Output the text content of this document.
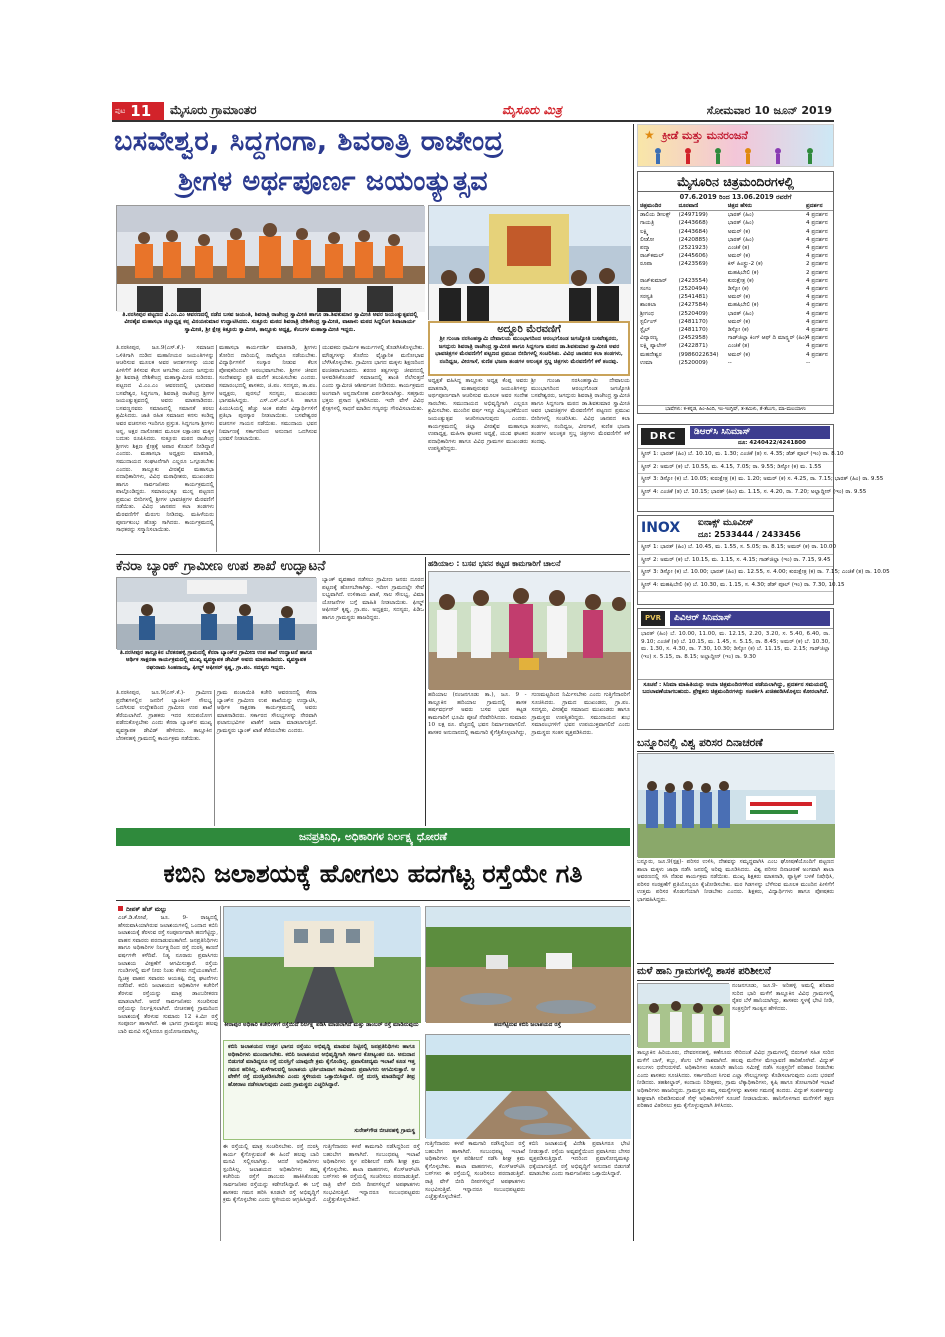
ಪುಟ 11 ಮೈಸೂರು ಗ್ರಾಮಾಂತರ	ಮೈಸೂರು ಮಿತ್ರ	ಸೋಮವಾರ 10 ಜೂನ್ 2019
ಬಸವೇಶ್ವರ, ಸಿದ್ದಗಂಗಾ, ಶಿವರಾತ್ರಿ ರಾಜೇಂದ್ರ
ಶ್ರೀಗಳ ಅರ್ಥಪೂರ್ಣ ಜಯಂತ್ಯುತ್ಸವ
ತಿ.ನರಸೀಪುರ ಪಟ್ಟಣದ ವಿ.ಎಂ.ಎಂ ಆವರಣದಲ್ಲಿ ನಡೆದ ಬಸವ ಜಯಂತಿ, ಶಿವರಾತ್ರಿ ರಾಜೇಂದ್ರ ಸ್ವಾಮೀಜಿ ಹಾಗೂ ಡಾ.ಶಿವಕುಮಾರ ಸ್ವಾಮೀಜಿ ಅವರ ಜಯಂತ್ಯುತ್ಸವದಲ್ಲಿ ವೀರಶೈವ ಮಹಾಸಭಾ ಜಿಲ್ಲಾಧ್ಯಕ್ಷ ಕನ್ನ ವಿನಯಕುಮಾರ ಉದ್ಘಾಟಿಸಿದರು. ಸುತ್ತೂರು ಮಠದ ಶಿವರಾತ್ರಿ ದೇಶಿಕೇಂದ್ರ ಸ್ವಾಮೀಜಿ, ವಾಟಾಳು ಮಠದ ಸಿದ್ದಲಿಂಗ ಶಿವಾಚಾರ್ಯ ಸ್ವಾಮೀಜಿ, ಶ್ರೀ ಕ್ಷೇತ್ರ ಕಿತ್ತೂರು ಸ್ವಾಮೀಜಿ, ತಾಲ್ಲೂಕು ಅಧ್ಯಕ್ಷ, ಕೆಂಬಗಳ ಮಹಾಸ್ವಾಮೀಜಿ ಇದ್ದರು.	ಅದ್ದೂರಿ ಮೆರವಣಿಗೆ
ಶ್ರೀ ಗುಂಜಾ ನರಸಿಂಹಸ್ವಾಮಿ ದೇವಾಲಯ ಮುಂಭಾಗದಿಂದ ಆರಂಭಗೊಂಡ ಜಗಜ್ಯೋತಿ ಬಸವೇಶ್ವರರು, ಜಗದ್ಗುರು ಶಿವರಾತ್ರಿ ರಾಜೇಂದ್ರ ಸ್ವಾಮೀಜಿ ಹಾಗೂ ಸಿದ್ದಗಂಗಾ ಮಠದ ಡಾ.ಶಿವಕುಮಾರ ಸ್ವಾಮೀಜಿ ಅವರ ಭಾವಚಿತ್ರಗಳ ಮೆರವಣಿಗೆಗೆ ಪಟ್ಟಣದ ಪ್ರಮುಖ ಬೀದಿಗಳಲ್ಲಿ ಸಂಚರಿಸಿತು. ವಿವಿಧ ಜಾನಪದ ಕಲಾ ತಂಡಗಳು, ನಂದಿಧ್ವಜ, ವೀರಗಾಸೆ, ಕುಣಿತ ಭಜನಾ ತಂಡಗಳ ಅಲಂಕೃತ ಸ್ತಬ್ದ ಚಿತ್ರಗಳು ಮೆರವಣಿಗೆಗೆ ಕಳೆ ತಂದವು.
ತಿ.ನರಸೀಪುರ, ಜೂ.9(ಎಸ್.ಕೆ.)- ಸಮಾಜದ ಒಳಿತಿಗಾಗಿ ದುಡಿದ ಮಹಾನೀಯರ ಜಯಂತಿಗಳನ್ನು ಆಚರಿಸುವ ಮೂಲಕ ಅವರ ಆದರ್ಶಗಳನ್ನು ಯುವ ಪೀಳಿಗೆಗೆ ತಿಳಿಸುವ ಕೆಲಸ ಆಗಬೇಕು ಎಂದು ಜಗದ್ಗುರು ಶ್ರೀ ಶಿವರಾತ್ರಿ ದೇಶಿಕೇಂದ್ರ ಮಹಾಸ್ವಾಮೀಜಿ ನುಡಿದರು. ಪಟ್ಟಣದ ವಿ.ಎಂ.ಎಂ ಆವರಣದಲ್ಲಿ ಭಾನುವಾರ ಬಸವೇಶ್ವರ, ಸಿದ್ದಗಂಗಾ, ಶಿವರಾತ್ರಿ ರಾಜೇಂದ್ರ ಶ್ರೀಗಳ ಜಯಂತ್ಯುತ್ಸವದಲ್ಲಿ ಅವರು ಮಾತನಾಡಿದರು. ಬಸವಣ್ಣನವರು ಸಮಾಜದಲ್ಲಿ ಸಮಾನತೆ ತರಲು ಶ್ರಮಿಸಿದರು. ಜಾತಿ ರಹಿತ ಸಮಾಜದ ಕನಸು ಕಂಡಿದ್ದ ಅವರ ವಚನಗಳು ಇಂದಿಗೂ ಪ್ರಸ್ತುತ. ಸಿದ್ದಗಂಗಾ ಶ್ರೀಗಳು ಅನ್ನ, ಅಕ್ಷರ ದಾಸೋಹದ ಮೂಲಕ ಲಕ್ಷಾಂತರ ಮಕ್ಕಳ ಬದುಕು ರೂಪಿಸಿದರು. ಸುತ್ತೂರು ಮಠದ ರಾಜೇಂದ್ರ ಶ್ರೀಗಳು ಶಿಕ್ಷಣ ಕ್ಷೇತ್ರಕ್ಕೆ ಅಪಾರ ಕೊಡುಗೆ ನೀಡಿದ್ದಾರೆ ಎಂದರು. ಮಹಾಸಭಾ ಅಧ್ಯಕ್ಷರು ಮಾತನಾಡಿ, ಸಮುದಾಯದ ಸಂಘಟನೆಗಾಗಿ ಎಲ್ಲರೂ ಒಗ್ಗೂಡಬೇಕು ಎಂದರು. ತಾಲ್ಲೂಕು ವೀರಶೈವ ಮಹಾಸಭಾ ಪದಾಧಿಕಾರಿಗಳು, ವಿವಿಧ ಮಠಾಧೀಶರು, ಮುಖಂಡರು ಹಾಗೂ ಸಾರ್ವಜನಿಕರು ಕಾರ್ಯಕ್ರಮದಲ್ಲಿ ಪಾಲ್ಗೊಂಡಿದ್ದರು. ಸಮಾರಂಭಕ್ಕೂ ಮುನ್ನ ಪಟ್ಟಣದ ಪ್ರಮುಖ ಬೀದಿಗಳಲ್ಲಿ ಶ್ರೀಗಳ ಭಾವಚಿತ್ರಗಳ ಮೆರವಣಿಗೆ ನಡೆಯಿತು. ವಿವಿಧ ಜಾನಪದ ಕಲಾ ತಂಡಗಳು ಮೆರವಣಿಗೆಗೆ ಮೆರುಗು ನೀಡಿದವು. ಮಹಿಳೆಯರು ಪೂರ್ಣಕುಂಭ ಹೊತ್ತು ಸಾಗಿದರು. ಕಾರ್ಯಕ್ರಮದಲ್ಲಿ ಸಾಧಕರನ್ನು ಸನ್ಮಾನಿಸಲಾಯಿತು.
ಮಹಾಸಭಾ ಕಾರ್ಯದರ್ಶಿ ಮಾತನಾಡಿ, ಶ್ರೀಗಳು ತೋರಿದ ದಾರಿಯಲ್ಲಿ ನಾವೆಲ್ಲರೂ ನಡೆಯಬೇಕು. ವಿದ್ಯಾರ್ಥಿಗಳಿಗೆ ಸಂಸ್ಕಾರ ನೀಡುವ ಕೆಲಸ ಪೋಷಕರಿಂದಲೇ ಆರಂಭವಾಗಬೇಕು. ಶ್ರೀಗಳ ಜೀವನ ಸಂದೇಶವನ್ನು ಪ್ರತಿ ಮನೆಗೆ ತಲುಪಿಸಬೇಕು ಎಂದರು. ಸಮಾರಂಭದಲ್ಲಿ ಶಾಸಕರು, ಜಿ.ಪಂ. ಸದಸ್ಯರು, ತಾ.ಪಂ. ಅಧ್ಯಕ್ಷರು, ಪುರಸಭೆ ಸದಸ್ಯರು, ಮುಖಂಡರು ಭಾಗವಹಿಸಿದ್ದರು. ಎಸ್.ಎಸ್.ಎಲ್.ಸಿ ಹಾಗೂ ಪಿಯುಸಿಯಲ್ಲಿ ಹೆಚ್ಚು ಅಂಕ ಪಡೆದ ವಿದ್ಯಾರ್ಥಿಗಳಿಗೆ ಪ್ರತಿಭಾ ಪುರಸ್ಕಾರ ನೀಡಲಾಯಿತು. ಬಸವೇಶ್ವರರ ವಚನಗಳ ಗಾಯನ ನಡೆಯಿತು. ಸಮುದಾಯ ಭವನ ನಿರ್ಮಾಣಕ್ಕೆ ಸರ್ಕಾರದಿಂದ ಅನುದಾನ ಒದಗಿಸುವ ಭರವಸೆ ನೀಡಲಾಯಿತು.
ಯುವಕರು ಧಾರ್ಮಿಕ ಕಾರ್ಯಗಳಲ್ಲಿ ತೊಡಗಿಸಿಕೊಳ್ಳಬೇಕು. ಮೌಢ್ಯಗಳನ್ನು ತೊರೆದು ವೈಜ್ಞಾನಿಕ ಮನೋಭಾವ ಬೆಳೆಸಿಕೊಳ್ಳಬೇಕು. ಗ್ರಾಮೀಣ ಭಾಗದ ಮಕ್ಕಳು ಶಿಕ್ಷಣದಿಂದ ವಂಚಿತರಾಗಬಾರದು. ಶರಣರ ತತ್ವಗಳನ್ನು ಜೀವನದಲ್ಲಿ ಅಳವಡಿಸಿಕೊಂಡರೆ ಸಮಾಜದಲ್ಲಿ ಶಾಂತಿ ನೆಲೆಸುತ್ತದೆ ಎಂದು ಸ್ವಾಮೀಜಿ ಆಶೀರ್ವಚನ ನೀಡಿದರು. ಕಾರ್ಯಕ್ರಮದ ಅಂಗವಾಗಿ ಅನ್ನದಾಸೋಹ ಏರ್ಪಡಿಸಲಾಗಿತ್ತು. ಸಹಸ್ರಾರು ಭಕ್ತರು ಪ್ರಸಾದ ಸ್ವೀಕರಿಸಿದರು. ಇದೇ ವೇಳೆ ವಿವಿಧ ಕ್ಷೇತ್ರಗಳಲ್ಲಿ ಸಾಧನೆ ಮಾಡಿದ ಗಣ್ಯರನ್ನು ಗೌರವಿಸಲಾಯಿತು.
ಅಧ್ಯಕ್ಷತೆ ವಹಿಸಿದ್ದ ತಾಲ್ಲೂಕು ಅಧ್ಯಕ್ಷ ಕೆಂಪ್ಪ ಅವರು ಮಾತನಾಡಿ, ಮಹಾಪುರುಷರ ಜಯಂತಿಗಳನ್ನು ಅರ್ಥಪೂರ್ಣವಾಗಿ ಆಚರಿಸುವ ಮೂಲಕ ಅವರ ಸಂದೇಶ ಸಾರಬೇಕು. ಸಮುದಾಯದ ಅಭಿವೃದ್ಧಿಗಾಗಿ ಎಲ್ಲರೂ ಶ್ರಮಿಸಬೇಕು. ಮುಂದಿನ ವರ್ಷ ಇನ್ನೂ ವಿಜೃಂಭಣೆಯಿಂದ ಜಯಂತ್ಯುತ್ಸವ ಆಚರಿಸಲಾಗುವುದು ಎಂದರು. ಕಾರ್ಯಕ್ರಮದಲ್ಲಿ ಜಿಲ್ಲಾ ವೀರಶೈವ ಮಹಾಸಭಾ ಉಪಾಧ್ಯಕ್ಷ, ಮಹಿಳಾ ಘಟಕದ ಅಧ್ಯಕ್ಷೆ, ಯುವ ಘಟಕದ ಪದಾಧಿಕಾರಿಗಳು ಹಾಗೂ ವಿವಿಧ ಗ್ರಾಮಗಳ ಮುಖಂಡರು ಉಪಸ್ಥಿತರಿದ್ದರು.
ಶ್ರೀ ಗುಂಜಾ ನರಸಿಂಹಸ್ವಾಮಿ ದೇವಾಲಯ ಮುಂಭಾಗದಿಂದ ಆರಂಭಗೊಂಡ ಜಗಜ್ಯೋತಿ ಬಸವೇಶ್ವರರು, ಜಗದ್ಗುರು ಶಿವರಾತ್ರಿ ರಾಜೇಂದ್ರ ಸ್ವಾಮೀಜಿ ಹಾಗೂ ಸಿದ್ದಗಂಗಾ ಮಠದ ಡಾ.ಶಿವಕುಮಾರ ಸ್ವಾಮೀಜಿ ಅವರ ಭಾವಚಿತ್ರಗಳ ಮೆರವಣಿಗೆಗೆ ಪಟ್ಟಣದ ಪ್ರಮುಖ ಬೀದಿಗಳಲ್ಲಿ ಸಂಚರಿಸಿತು. ವಿವಿಧ ಜಾನಪದ ಕಲಾ ತಂಡಗಳು, ನಂದಿಧ್ವಜ, ವೀರಗಾಸೆ, ಕುಣಿತ ಭಜನಾ ತಂಡಗಳ ಅಲಂಕೃತ ಸ್ತಬ್ದ ಚಿತ್ರಗಳು ಮೆರವಣಿಗೆಗೆ ಕಳೆ ತಂದವು.
ಕೆನರಾ ಬ್ಯಾಂಕ್ ಗ್ರಾಮೀಣ ಉಪ ಶಾಖೆ ಉದ್ಘಾಟನೆ
ತಿ.ನರಸೀಪುರ ತಾಲ್ಲೂಕಿನ ಬೆನಕನಹಳ್ಳಿ ಗ್ರಾಮದಲ್ಲಿ ಕೆನರಾ ಬ್ಯಾಂಕ್‌ನ ಗ್ರಾಮೀಣ ಉಪ ಶಾಖೆ ಉದ್ಘಾಟನೆ ಹಾಗೂ ಆರ್ಥಿಕ ಸಾಕ್ಷರತಾ ಕಾರ್ಯಕ್ರಮದಲ್ಲಿ ಮುಖ್ಯ ವ್ಯವಸ್ಥಾಪಕ ಡೇವಿಡ್ ಅವರು ಮಾತನಾಡಿದರು. ವ್ಯವಸ್ಥಾಪಕ ರಘುರಾಮ ಸಿಂಹನಾಯ್ಕ, ಫೀಲ್ಡ್ ಆಫೀಸರ್ ಕೃಷ್ಣ, ಗ್ರಾ.ಪಂ. ಸದಸ್ಯರು ಇದ್ದರು.
ತಿ.ನರಸೀಪುರ, ಜೂ.9(ಎಸ್.ಕೆ.)- ಗ್ರಾಮೀಣ ಪ್ರದೇಶಗಳಲ್ಲಿನ ಜನರಿಗೆ ಬ್ಯಾಂಕಿಂಗ್ ಸೌಲಭ್ಯ ಒದಗಿಸುವ ಉದ್ದೇಶದಿಂದ ಗ್ರಾಮೀಣ ಉಪ ಶಾಖೆ ತೆರೆಯಲಾಗಿದೆ. ಗ್ರಾಹಕರು ಇದರ ಸದುಪಯೋಗ ಪಡೆದುಕೊಳ್ಳಬೇಕು ಎಂದು ಕೆನರಾ ಬ್ಯಾಂಕ್‌ನ ಮುಖ್ಯ ವ್ಯವಸ್ಥಾಪಕ ಡೇವಿಡ್ ಹೇಳಿದರು. ತಾಲ್ಲೂಕಿನ ಬೆನಕನಹಳ್ಳಿ ಗ್ರಾಮದಲ್ಲಿ ಕಾರ್ಯಕ್ರಮ ನಡೆಯಿತು.
ಗ್ರಾಮ ಪಂಚಾಯಿತಿ ಕಚೇರಿ ಆವರಣದಲ್ಲಿ ಕೆನರಾ ಬ್ಯಾಂಕ್‌ನ ಗ್ರಾಮೀಣ ಉಪ ಶಾಖೆಯನ್ನು ಉದ್ಘಾಟಿಸಿ, ಆರ್ಥಿಕ ಸಾಕ್ಷರತಾ ಕಾರ್ಯಕ್ರಮದಲ್ಲಿ ಅವರು ಮಾತನಾಡಿದರು. ಸರ್ಕಾರದ ಸೌಲಭ್ಯಗಳನ್ನು ನೇರವಾಗಿ ಫಲಾನುಭವಿಗಳ ಖಾತೆಗೆ ಜಮಾ ಮಾಡಲಾಗುತ್ತಿದೆ. ಗ್ರಾಮಸ್ಥರು ಬ್ಯಾಂಕ್ ಖಾತೆ ತೆರೆಯಬೇಕು ಎಂದರು.
ಬ್ಯಾಂಕ್ ವ್ಯವಹಾರ ನಡೆಸಲು ಗ್ರಾಮೀಣ ಜನರು ದೂರದ ಪಟ್ಟಣಕ್ಕೆ ಹೋಗಬೇಕಾಗಿತ್ತು. ಇದೀಗ ಗ್ರಾಮದಲ್ಲೇ ಸೇವೆ ಲಭ್ಯವಾಗಿದೆ. ಉಳಿತಾಯ ಖಾತೆ, ಸಾಲ ಸೌಲಭ್ಯ, ವಿಮಾ ಯೋಜನೆಗಳ ಬಗ್ಗೆ ಮಾಹಿತಿ ನೀಡಲಾಯಿತು. ಫೀಲ್ಡ್ ಆಫೀಸರ್ ಕೃಷ್ಣ, ಗ್ರಾ.ಪಂ. ಅಧ್ಯಕ್ಷರು, ಸದಸ್ಯರು, ಪಿಡಿಒ ಹಾಗೂ ಗ್ರಾಮಸ್ಥರು ಹಾಜರಿದ್ದರು.
ಹಡಿಯಾಲ : ಬಸವ ಭವನ ಕಟ್ಟಡ ಕಾಮಗಾರಿಗೆ ಚಾಲನೆ
ಹದಿಯಾಲ (ನಂಜನಗೂಡು ತಾ.), ಜೂ. 9 - ತಾಲ್ಲೂಕಿನ ಹದಿಯಾಲ ಗ್ರಾಮದಲ್ಲಿ ಶಾಸಕ ಹರ್ಷವರ್ಧನ್ ಅವರು ಬಸವ ಭವನ ಕಟ್ಟಡ ಕಾಮಗಾರಿಗೆ ಭೂಮಿ ಪೂಜೆ ನೆರವೇರಿಸಿದರು. ಸುಮಾರು 10 ಲಕ್ಷ ರೂ. ವೆಚ್ಚದಲ್ಲಿ ಭವನ ನಿರ್ಮಾಣವಾಗಲಿದೆ. ಶಾಸಕರ ಅನುದಾನದಲ್ಲಿ ಕಾಮಗಾರಿ ಕೈಗೆತ್ತಿಕೊಳ್ಳಲಾಗಿದ್ದು, ಗುಣಮಟ್ಟದಿಂದ ನಿರ್ಮಿಸಬೇಕು ಎಂದು ಗುತ್ತಿಗೆದಾರರಿಗೆ ಸೂಚಿಸಿದರು. ಗ್ರಾಮದ ಮುಖಂಡರು, ಗ್ರಾ.ಪಂ. ಸದಸ್ಯರು, ವೀರಶೈವ ಸಮಾಜದ ಮುಖಂಡರು ಹಾಗೂ ಗ್ರಾಮಸ್ಥರು ಉಪಸ್ಥಿತರಿದ್ದರು. ಸಮುದಾಯದ ಶುಭ ಸಮಾರಂಭಗಳಿಗೆ ಭವನ ಉಪಯುಕ್ತವಾಗಲಿದೆ ಎಂದು ಗ್ರಾಮಸ್ಥರು ಸಂತಸ ವ್ಯಕ್ತಪಡಿಸಿದರು.
ಜನಪ್ರತಿನಿಧಿ, ಅಧಿಕಾರಿಗಳ ನಿರ್ಲಕ್ಷ್ಯ ಧೋರಣೆ
ಕಬಿನಿ ಜಲಾಶಯಕ್ಕೆ ಹೋಗಲು ಹದಗೆಟ್ಟ ರಸ್ತೆಯೇ ಗತಿ
ದೀಪಕ್ ಹೆಚ್ ಮಲ್ಲು
ಎಚ್.ಡಿ.ಕೋಟೆ, ಜೂ. 9- ರಾಜ್ಯದಲ್ಲಿ ಹೆಸರುವಾಸಿಯಾಗಿರುವ ಜಲಾಶಯಗಳಲ್ಲಿ ಒಂದಾದ ಕಬಿನಿ ಜಲಾಶಯಕ್ಕೆ ತೆರಳುವ ರಸ್ತೆ ಸಂಪೂರ್ಣವಾಗಿ ಹದಗೆಟ್ಟಿದ್ದು, ವಾಹನ ಸವಾರರು ಪರದಾಡುವಂತಾಗಿದೆ. ಜನಪ್ರತಿನಿಧಿಗಳು ಹಾಗೂ ಅಧಿಕಾರಿಗಳ ನಿರ್ಲಕ್ಷ್ಯದಿಂದ ರಸ್ತೆ ದುರಸ್ತಿ ಕಾಣದೆ ವರ್ಷಗಳೇ ಕಳೆದಿವೆ. ನಿತ್ಯ ನೂರಾರು ಪ್ರವಾಸಿಗರು ಜಲಾಶಯ ವೀಕ್ಷಣೆಗೆ ಆಗಮಿಸುತ್ತಾರೆ. ರಸ್ತೆಯ ಗುಂಡಿಗಳಲ್ಲಿ ಮಳೆ ನೀರು ನಿಂತು ಕೆಸರು ಗದ್ದೆಯಂತಾಗಿದೆ. ದ್ವಿಚಕ್ರ ವಾಹನ ಸವಾರರು ಆಯತಪ್ಪಿ ಬಿದ್ದ ಘಟನೆಗಳು ನಡೆದಿವೆ. ಕಬಿನಿ ಜಲಾಶಯದ ಅಧಿಕಾರಿಗಳ ಕಚೇರಿಗೆ ತೆರಳುವ ರಸ್ತೆಯನ್ನು ಮಾತ್ರ ಡಾಂಬರೀಕರಣ ಮಾಡಲಾಗಿದೆ. ಆದರೆ ಸಾರ್ವಜನಿಕರು ಸಂಚರಿಸುವ ರಸ್ತೆಯನ್ನು ನಿರ್ಲಕ್ಷಿಸಲಾಗಿದೆ. ಬೀಚನಹಳ್ಳಿ ಗ್ರಾಮದಿಂದ ಜಲಾಶಯಕ್ಕೆ ತೆರಳುವ ಸುಮಾರು 12 ಕಿ.ಮೀ ರಸ್ತೆ ಸಂಪೂರ್ಣ ಹಾಳಾಗಿದೆ. ಈ ಭಾಗದ ಗ್ರಾಮಸ್ಥರು ಹಲವು ಬಾರಿ ಮನವಿ ಸಲ್ಲಿಸಿದರೂ ಪ್ರಯೋಜನವಾಗಿಲ್ಲ.
ಕೀರಾಪುರ ಅಧಿಕಾರಿ ಕಚೇರಿಗಳಿಗೆ ರಸ್ತೆಯಿದೆ ನಿರ್ಲಕ್ಷ್ಯ ಪಡಿಸಿ ಮಾಡಲಾಗಿದೆ ಮತ್ತು ಡಾಂಬರ್ ರಸ್ತೆ ಮಾಡಿರುವುದು	ಹದಗೆಟ್ಟಿರುವ ಕಬಿನಿ ಜಲಾಶಯದ ರಸ್ತೆ
ಕಬಿನಿ ಜಲಾಶಯದ ಉತ್ತರ ಭಾಗದ ರಸ್ತೆಯು ಅಭಿವೃದ್ಧಿ ಮಾಡುವ ನಿಟ್ಟಿನಲ್ಲಿ ಜನಪ್ರತಿನಿಧಿಗಳು ಹಾಗೂ ಅಧಿಕಾರಿಗಳು ಮುಂದಾಗಬೇಕು. ಕಬಿನಿ ಜಲಾಶಯದ ಅಭಿವೃದ್ಧಿಗಾಗಿ ಸರ್ಕಾರ ಕೋಟ್ಯಂತರ ರೂ. ಅನುದಾನ ಬಿಡುಗಡೆ ಮಾಡಿದ್ದರೂ ರಸ್ತೆ ದುರಸ್ತಿಗೆ ಯಾವುದೇ ಕ್ರಮ ಕೈಗೊಂಡಿಲ್ಲ. ಪ್ರವಾಸೋದ್ಯಮ ಇಲಾಖೆ ಕೂಡ ಇತ್ತ ಗಮನ ಹರಿಸಿಲ್ಲ. ಮಳೆಗಾಲದಲ್ಲಿ ಜಲಾಶಯ ಭರ್ತಿಯಾದಾಗ ಸಾವಿರಾರು ಪ್ರವಾಸಿಗರು ಆಗಮಿಸುತ್ತಾರೆ. ಆ ವೇಳೆಗೆ ರಸ್ತೆ ದುರಸ್ತಿಪಡಿಸಬೇಕು ಎಂದು ಸ್ಥಳೀಯರು ಒತ್ತಾಯಿಸಿದ್ದಾರೆ. ರಸ್ತೆ ದುರಸ್ತಿ ಮಾಡದಿದ್ದರೆ ತೀವ್ರ ಹೋರಾಟ ನಡೆಸಲಾಗುವುದು ಎಂದು ಗ್ರಾಮಸ್ಥರು ಎಚ್ಚರಿಸಿದ್ದಾರೆ.
ಸುರೇಶ್‌ಗೌಡ ಬೀಚನಹಳ್ಳಿ ಗ್ರಾಮಸ್ಥ
ಈ ರಸ್ತೆಯಲ್ಲಿ ಮಾತ್ರ ಸಂಚರಿಸಬೇಕು. ರಸ್ತೆ ದುರಸ್ತಿ ಕಾರ್ಯ ಕೈಗೊಳ್ಳುವಂತೆ ಈ ಹಿಂದೆ ಹಲವು ಬಾರಿ ಮನವಿ ಸಲ್ಲಿಸಲಾಗಿತ್ತು. ಆದರೆ ಅಧಿಕಾರಿಗಳು ಸ್ಪಂದಿಸಿಲ್ಲ. ಜಲಾಶಯದ ಅಧಿಕಾರಿಗಳು ತಮ್ಮ ಕಚೇರಿಯ ರಸ್ತೆಗೆ ಡಾಂಬರು ಹಾಕಿಸಿಕೊಂಡು ಸಾರ್ವಜನಿಕರ ರಸ್ತೆಯನ್ನು ಕಡೆಗಣಿಸಿದ್ದಾರೆ. ಈ ಬಗ್ಗೆ ಶಾಸಕರು ಗಮನ ಹರಿಸಿ ಕೂಡಲೇ ರಸ್ತೆ ಅಭಿವೃದ್ಧಿಗೆ ಕ್ರಮ ಕೈಗೊಳ್ಳಬೇಕು ಎಂದು ಸ್ಥಳೀಯರು ಆಗ್ರಹಿಸಿದ್ದಾರೆ.
ಗುತ್ತಿಗೆದಾರರು ಕಳಪೆ ಕಾಮಗಾರಿ ನಡೆಸಿದ್ದರಿಂದ ರಸ್ತೆ ಬಹುಬೇಗ ಹಾಳಾಗಿದೆ. ಸಂಬಂಧಪಟ್ಟ ಇಲಾಖೆ ಅಧಿಕಾರಿಗಳು ಸ್ಥಳ ಪರಿಶೀಲನೆ ನಡೆಸಿ ಶೀಘ್ರ ಕ್ರಮ ಕೈಗೊಳ್ಳಬೇಕು. ಶಾಲಾ ವಾಹನಗಳು, ಕೆಎಸ್‌ಆರ್‌ಟಿಸಿ ಬಸ್‌ಗಳು ಈ ರಸ್ತೆಯಲ್ಲಿ ಸಂಚರಿಸಲು ಪರದಾಡುತ್ತಿವೆ. ರಾತ್ರಿ ವೇಳೆ ಬೀದಿ ದೀಪಗಳಿಲ್ಲದೆ ಅಪಘಾತಗಳು ಸಂಭವಿಸುತ್ತಿವೆ. ಇನ್ನಾದರೂ ಸಂಬಂಧಪಟ್ಟವರು ಎಚ್ಚೆತ್ತುಕೊಳ್ಳಬೇಕಿದೆ.
ಗುತ್ತಿಗೆದಾರರು ಕಳಪೆ ಕಾಮಗಾರಿ ನಡೆಸಿದ್ದರಿಂದ ರಸ್ತೆ ಬಹುಬೇಗ ಹಾಳಾಗಿದೆ. ಸಂಬಂಧಪಟ್ಟ ಇಲಾಖೆ ಅಧಿಕಾರಿಗಳು ಸ್ಥಳ ಪರಿಶೀಲನೆ ನಡೆಸಿ ಶೀಘ್ರ ಕ್ರಮ ಕೈಗೊಳ್ಳಬೇಕು. ಶಾಲಾ ವಾಹನಗಳು, ಕೆಎಸ್‌ಆರ್‌ಟಿಸಿ ಬಸ್‌ಗಳು ಈ ರಸ್ತೆಯಲ್ಲಿ ಸಂಚರಿಸಲು ಪರದಾಡುತ್ತಿವೆ. ರಾತ್ರಿ ವೇಳೆ ಬೀದಿ ದೀಪಗಳಿಲ್ಲದೆ ಅಪಘಾತಗಳು ಸಂಭವಿಸುತ್ತಿವೆ. ಇನ್ನಾದರೂ ಸಂಬಂಧಪಟ್ಟವರು ಎಚ್ಚೆತ್ತುಕೊಳ್ಳಬೇಕಿದೆ.
ಕಬಿನಿ ಜಲಾಶಯಕ್ಕೆ ವಿದೇಶಿ ಪ್ರವಾಸಿಗರೂ ಭೇಟಿ ನೀಡುತ್ತಾರೆ. ರಸ್ತೆಯ ಅವ್ಯವಸ್ಥೆಯಿಂದ ಪ್ರವಾಸಿಗರು ಬೇಸರ ವ್ಯಕ್ತಪಡಿಸುತ್ತಿದ್ದಾರೆ. ಇದರಿಂದ ಪ್ರವಾಸೋದ್ಯಮಕ್ಕೂ ಧಕ್ಕೆಯಾಗುತ್ತಿದೆ. ರಸ್ತೆ ಅಭಿವೃದ್ಧಿಗೆ ಅನುದಾನ ಬಿಡುಗಡೆ ಮಾಡಬೇಕು ಎಂದು ಸಾರ್ವಜನಿಕರು ಒತ್ತಾಯಿಸಿದ್ದಾರೆ.
ಕ್ರೀಡೆ ಮತ್ತು ಮನರಂಜನೆ
★
ಮೈಸೂರಿನ ಚಿತ್ರಮಂದಿರಗಳಲ್ಲಿ
07.6.2019 ರಿಂದ 13.06.2019 ರವರೆಗೆ
ಚಿತ್ರಮಂದಿರ	ದೂರವಾಣಿ	ಚಿತ್ರದ ಹೆಸರು	ಪ್ರದರ್ಶನ
ಡಾಲಿಯ ಡೀಲಕ್ಸ್	(2497199)	ಭಾರತ್ (ಹಿಂ)	4 ಪ್ರದರ್ಶನ
ಗಾಯತ್ರಿ	(2443668)	ಭಾರತ್ (ಹಿಂ)	4 ಪ್ರದರ್ಶನ
ಲಕ್ಷ್ಮಿ	(2443684)	ಅಮರ್ (ಕ)	4 ಪ್ರದರ್ಶನ
ಲೀಡೋ	(2420885)	ಭಾರತ್ (ಹಿಂ)	4 ಪ್ರದರ್ಶನ
ಪದ್ಮಾ	(2521923)	ಎಂಜಿಕೆ (ತ)	4 ಪ್ರದರ್ಶನ
ರಾಜ್‌ಕಮಲ್	(2445606)	ಅಮರ್ (ಕ)	4 ಪ್ರದರ್ಶನ
ರೂಪಾ	(2423569)	ಕಿಸ್ ಹಿಂಸ್ಟ್ರು-2 (ಕ)	2 ಪ್ರದರ್ಶನ
		ಮಹಷಿಬೇಲಿ (ಕ)	2 ಪ್ರದರ್ಶನ
ರಾಜ್‌ಕುಮಾರ್	(2423554)	ಕುರುಕ್ಷೇತ್ರ (ಕ)	4 ಪ್ರದರ್ಶನ
ಸಂಗಂ	(2520494)	ಡಿಸ್ಕೋ (ಕ)	4 ಪ್ರದರ್ಶನ
ಸರಸ್ವತಿ	(2541481)	ಅಮರ್ (ಕ)	4 ಪ್ರದರ್ಶನ
ಶಾಂತಲಾ	(2427584)	ಮಹಷಿಬೇಲಿ (ಕ)	4 ಪ್ರದರ್ಶನ
ಶ್ರೀಗಂಧ	(2520409)	ಭಾರತ್ (ಹಿಂ)	4 ಪ್ರದರ್ಶನ
ಸ್ಟರ್ಲಿಂಗ್	(2481170)	ಅಮರ್ (ಕ)	4 ಪ್ರದರ್ಶನ
ಸ್ಟೈಲ್	(2481170)	ಡಿಸ್ಕೋ (ಕ)	4 ಪ್ರದರ್ಶನ
ವಿದ್ಯಾರಣ್ಯ	(2452958)	ಗಾಡ್‌ಜಿಲ್ಲಾ ಕಿಂಗ್ ಆಫ್ ದಿ ಮಾನ್ಸ್ಟರ್ (ಹಿಂ)	4 ಪ್ರದರ್ಶನ
ಲಕ್ಷ್ಮಿ ಪ್ಯಾಲೇಸ್	(2422871)	ಎಂಜಿಕೆ (ತ)	4 ಪ್ರದರ್ಶನ
ಮಹದೇಶ್ವರ	(9986022634)	ಅಮರ್ (ಕ)	4 ಪ್ರದರ್ಶನ
ಉಮಾ	(2520009)	--	--
ಭಾಷೆಗಳು: ಕ-ಕನ್ನಡ, ಹಿಂ-ಹಿಂದಿ, ಇಂ-ಇಂಗ್ಲಿಷ್, ತ-ತಮಿಳು, ತೆ-ತೆಲುಗು, ಮಾ-ಮಲಯಾಳಂ
DRC	ಡಿಆರ್‌ಸಿ ಸಿನಿಮಾಸ್
ದೂ: 4240422/4241800
ಸ್ಕ್ರೀನ್ 1: ಭಾರತ್ (ಹಿಂ) ಬೆ. 10.10, ಮ. 1.30; ಎಂಜಿಕೆ (ತ) ಸ. 4.35; ಡೆಡ್ ಪೂಲ್ (ಇಂ) ರಾ. 8.10
ಸ್ಕ್ರೀನ್ 2: ಅಮರ್ (ಕ) ಬೆ. 10.55, ಮ. 4.15, 7.05; ರಾ. 9.55; ಡಿಸ್ಕೋ (ಕ) ಮ. 1.55
ಸ್ಕ್ರೀನ್ 3: ಡಿಸ್ಕೋ (ಕ) ಬೆ. 10.05; ಕುರುಕ್ಷೇತ್ರ (ಕ) ಮ. 1.20; ಅಮರ್ (ಕ) ಸ. 4.25, ರಾ. 7.15; ಭಾರತ್ (ಹಿಂ) ರಾ. 9.55
ಸ್ಕ್ರೀನ್ 4: ಎಂಜಿಕೆ (ತ) ಬೆ. 10.15; ಭಾರತ್ (ಹಿಂ) ಮ. 1.15, ಸ. 4.20, ರಾ. 7.20; ಅಲ್ಲಾದ್ದೀನ್ (ಇಂ) ರಾ. 9.55
INOX	ಐನಾಕ್ಸ್ ಮೂವೀಸ್
ದೂ: 2533444 / 2433456
ಸ್ಕ್ರೀನ್ 1: ಭಾರತ್ (ಹಿಂ) ಬೆ. 10.45, ಮ. 1.55, ಸ. 5.05; ರಾ. 8.15; ಅಮರ್ (ಕ) ರಾ. 10.00
ಸ್ಕ್ರೀನ್ 2: ಅಮರ್ (ಕ) ಬೆ. 10.15, ಮ. 1.15, ಸ. 4.15; ಗಾಡ್‌ಜಿಲ್ಲಾ (ಇಂ) ರಾ. 7.15, 9.45
ಸ್ಕ್ರೀನ್ 3: ಡಿಸ್ಕೋ (ಕ) ಬೆ. 10.00; ಭಾರತ್ (ಹಿಂ) ಮ. 12.55, ಸ. 4.00; ಕುರುಕ್ಷೇತ್ರ (ಕ) ರಾ. 7.15; ಎಂಜಿಕೆ (ತ) ರಾ. 10.05
ಸ್ಕ್ರೀನ್ 4: ಮಹಷಿಬೇಲಿ (ಕ) ಬೆ. 10.30, ಮ. 1.15, ಸ. 4.30; ಡೆಡ್ ಪೂಲ್ (ಇಂ) ರಾ. 7.30, 10.15
PVR	ಪಿವಿಆರ್ ಸಿನಿಮಾಸ್
ಭಾರತ್ (ಹಿಂ) ಬೆ. 10.00, 11.00, ಮ. 12.15, 2.20, 3.20, ಸ. 5.40, 6.40, ರಾ. 9.10; ಎಂಜಿಕೆ (ತ) ಬೆ. 10.15, ಮ. 1.45, ಸ. 5.15, ರಾ. 8.45; ಅಮರ್ (ಕ) ಬೆ. 10.30, ಮ. 1.30, ಸ. 4.30, ರಾ. 7.30, 10.30; ಡಿಸ್ಕೋ (ಕ) ಬೆ. 11.15, ಮ. 2.15; ಗಾಡ್‌ಜಿಲ್ಲಾ (ಇಂ) ಸ. 5.15, ರಾ. 8.15; ಅಲ್ಲಾದ್ದೀನ್ (ಇಂ) ರಾ. 9.30
ಸೂಚನೆ : ಸಿನಿಮಾ ಮಾಹಿತಿಯನ್ನು ಆಯಾ ಚಿತ್ರಮಂದಿರಗಳಿಂದ ಪಡೆಯಲಾಗಿದ್ದು, ಪ್ರದರ್ಶನ ಸಮಯದಲ್ಲಿ ಬದಲಾವಣೆಯಾಗಬಹುದು. ಪ್ರೇಕ್ಷಕರು ಚಿತ್ರಮಂದಿರಗಳನ್ನು ಸಂಪರ್ಕಿಸಿ ಖಚಿತಪಡಿಸಿಕೊಳ್ಳಲು ಕೋರಲಾಗಿದೆ.
ಬನ್ನೂರಿನಲ್ಲಿ ವಿಶ್ವ ಪರಿಸರ ದಿನಾಚರಣೆ
ಬನ್ನೂರು, ಜೂ.9(ಸ್ಪಕ್ಷ)- ಪರಿಸರ ಉಳಿಸಿ, ದೇಶವನ್ನು ಸಮೃದ್ಧವಾಗಿಸಿ ಎಂಬ ಘೋಷಣೆಯೊಂದಿಗೆ ಪಟ್ಟಣದ ಶಾಲಾ ಮಕ್ಕಳು ಜಾಥಾ ನಡೆಸಿ ಜನರಲ್ಲಿ ಅರಿವು ಮೂಡಿಸಿದರು. ವಿಶ್ವ ಪರಿಸರ ದಿನಾಚರಣೆ ಅಂಗವಾಗಿ ಶಾಲಾ ಆವರಣದಲ್ಲಿ ಸಸಿ ನೆಡುವ ಕಾರ್ಯಕ್ರಮ ನಡೆಯಿತು. ಮುಖ್ಯ ಶಿಕ್ಷಕರು ಮಾತನಾಡಿ, ಪ್ಲಾಸ್ಟಿಕ್ ಬಳಕೆ ನಿಷೇಧಿಸಿ, ಪರಿಸರ ಸಂರಕ್ಷಣೆಗೆ ಪ್ರತಿಯೊಬ್ಬರೂ ಕೈಜೋಡಿಸಬೇಕು. ಮರ ಗಿಡಗಳನ್ನು ಬೆಳೆಸುವ ಮೂಲಕ ಮುಂದಿನ ಪೀಳಿಗೆಗೆ ಉತ್ತಮ ಪರಿಸರ ಕೊಡುಗೆಯಾಗಿ ನೀಡಬೇಕು ಎಂದರು. ಶಿಕ್ಷಕರು, ವಿದ್ಯಾರ್ಥಿಗಳು ಹಾಗೂ ಪೋಷಕರು ಭಾಗವಹಿಸಿದ್ದರು.
ಮಳೆ ಹಾನಿ ಗ್ರಾಮಗಳಲ್ಲಿ ಶಾಸಕ ಪರಿಶೀಲನೆ
ನಂಜನಗೂಡು, ಜೂ.9- ಅರಿಹಳ್ಳಿ ಅಮಲ್ಲಿ ಶನಿವಾರ ಸುರಿದ ಭಾರಿ ಮಳೆಗೆ ತಾಲ್ಲೂಕಿನ ವಿವಿಧ ಗ್ರಾಮಗಳಲ್ಲಿ ರೈತರ ಬೆಳೆ ಹಾನಿಯಾಗಿದ್ದು, ಶಾಸಕರು ಸ್ಥಳಕ್ಕೆ ಭೇಟಿ ನೀಡಿ, ಸಂತ್ರಸ್ತರಿಗೆ ಸಾಂತ್ವನ ಹೇಳಿದರು.
ತಾಲ್ಲೂಕಿನ ಹಿರಿಯೂರು, ದೇವರಸನಹಳ್ಳಿ, ಕಣೆನೂರು ಸೇರಿದಂತೆ ವಿವಿಧ ಗ್ರಾಮಗಳಲ್ಲಿ ಬಿರುಗಾಳಿ ಸಹಿತ ಸುರಿದ ಮಳೆಗೆ ಬಾಳೆ, ಕಬ್ಬು, ತೆಂಗು ಬೆಳೆ ನಾಶವಾಗಿದೆ. ಹಲವು ಮನೆಗಳ ಮೇಲ್ಛಾವಣಿ ಹಾರಿಹೋಗಿವೆ. ವಿದ್ಯುತ್ ಕಂಬಗಳು ಧರೆಗುರುಳಿವೆ. ಅಧಿಕಾರಿಗಳು ಕೂಡಲೇ ಹಾನಿಯ ಸಮೀಕ್ಷೆ ನಡೆಸಿ ಸಂತ್ರಸ್ತರಿಗೆ ಪರಿಹಾರ ನೀಡಬೇಕು ಎಂದು ಶಾಸಕರು ಸೂಚಿಸಿದರು. ಸರ್ಕಾರದಿಂದ ಸಿಗುವ ಎಲ್ಲಾ ಸೌಲಭ್ಯಗಳನ್ನು ಕೊಡಿಸಲಾಗುವುದು ಎಂದು ಭರವಸೆ ನೀಡಿದರು. ತಹಶೀಲ್ದಾರ್, ಕಂದಾಯ ನಿರೀಕ್ಷಕರು, ಗ್ರಾಮ ಲೆಕ್ಕಾಧಿಕಾರಿಗಳು, ಕೃಷಿ ಹಾಗೂ ತೋಟಗಾರಿಕೆ ಇಲಾಖೆ ಅಧಿಕಾರಿಗಳು ಹಾಜರಿದ್ದರು. ಗ್ರಾಮಸ್ಥರು ತಮ್ಮ ಸಮಸ್ಯೆಗಳನ್ನು ಶಾಸಕರ ಗಮನಕ್ಕೆ ತಂದರು. ವಿದ್ಯುತ್ ಸಂಪರ್ಕವನ್ನು ಶೀಘ್ರವಾಗಿ ಸರಿಪಡಿಸುವಂತೆ ಸೆಸ್ಕ್ ಅಧಿಕಾರಿಗಳಿಗೆ ಸೂಚನೆ ನೀಡಲಾಯಿತು. ಹಾನಿಗೊಳಗಾದ ಮನೆಗಳಿಗೆ ತಕ್ಷಣ ಪರಿಹಾರ ವಿತರಿಸಲು ಕ್ರಮ ಕೈಗೊಳ್ಳುವುದಾಗಿ ತಿಳಿಸಿದರು.
